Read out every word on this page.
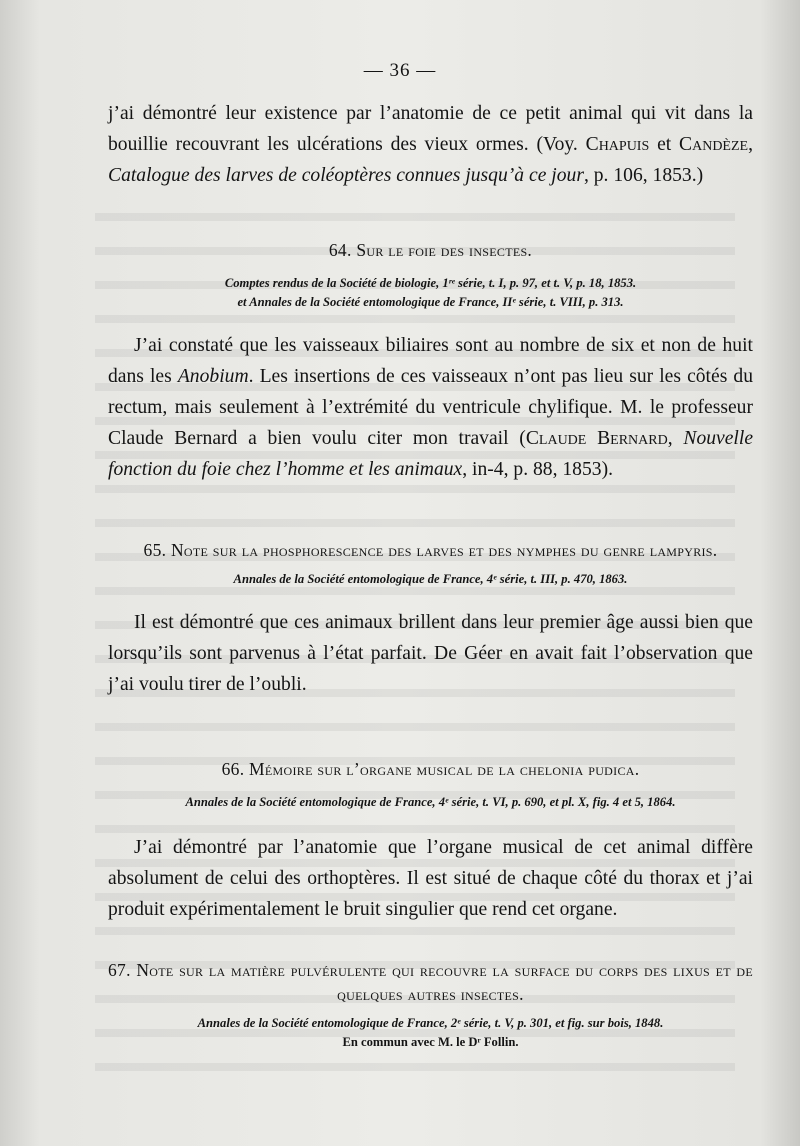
— 36 —

j’ai démontré leur existence par l’anatomie de ce petit animal qui vit dans la bouillie recouvrant les ulcérations des vieux ormes. (Voy. Chapuis et Candèze, Catalogue des larves de coléoptères connues jusqu’à ce jour, p. 106, 1853.)

64. Sur le foie des insectes.

Comptes rendus de la Société de biologie, 1ʳᵉ série, t. I, p. 97, et t. V, p. 18, 1853.

et Annales de la Société entomologique de France, IIᵉ série, t. VIII, p. 313.

J’ai constaté que les vaisseaux biliaires sont au nombre de six et non de huit dans les Anobium. Les insertions de ces vaisseaux n’ont pas lieu sur les côtés du rectum, mais seulement à l’extrémité du ventricule chylifique. M. le professeur Claude Bernard a bien voulu citer mon travail (Claude Bernard, Nouvelle fonction du foie chez l’homme et les animaux, in-4, p. 88, 1853).

65. Note sur la phosphorescence des larves et des nymphes du genre lampyris.

Annales de la Société entomologique de France, 4ᵉ série, t. III, p. 470, 1863.

Il est démontré que ces animaux brillent dans leur premier âge aussi bien que lorsqu’ils sont parvenus à l’état parfait. De Géer en avait fait l’observation que j’ai voulu tirer de l’oubli.

66. Mémoire sur l’organe musical de la chelonia pudica.

Annales de la Société entomologique de France, 4ᵉ série, t. VI, p. 690, et pl. X, fig. 4 et 5, 1864.

J’ai démontré par l’anatomie que l’organe musical de cet animal diffère absolument de celui des orthoptères. Il est situé de chaque côté du thorax et j’ai produit expérimentalement le bruit singulier que rend cet organe.

67. Note sur la matière pulvérulente qui recouvre la surface du corps des lixus et de quelques autres insectes.

Annales de la Société entomologique de France, 2ᵉ série, t. V, p. 301, et fig. sur bois, 1848.

En commun avec M. le Dʳ Follin.
